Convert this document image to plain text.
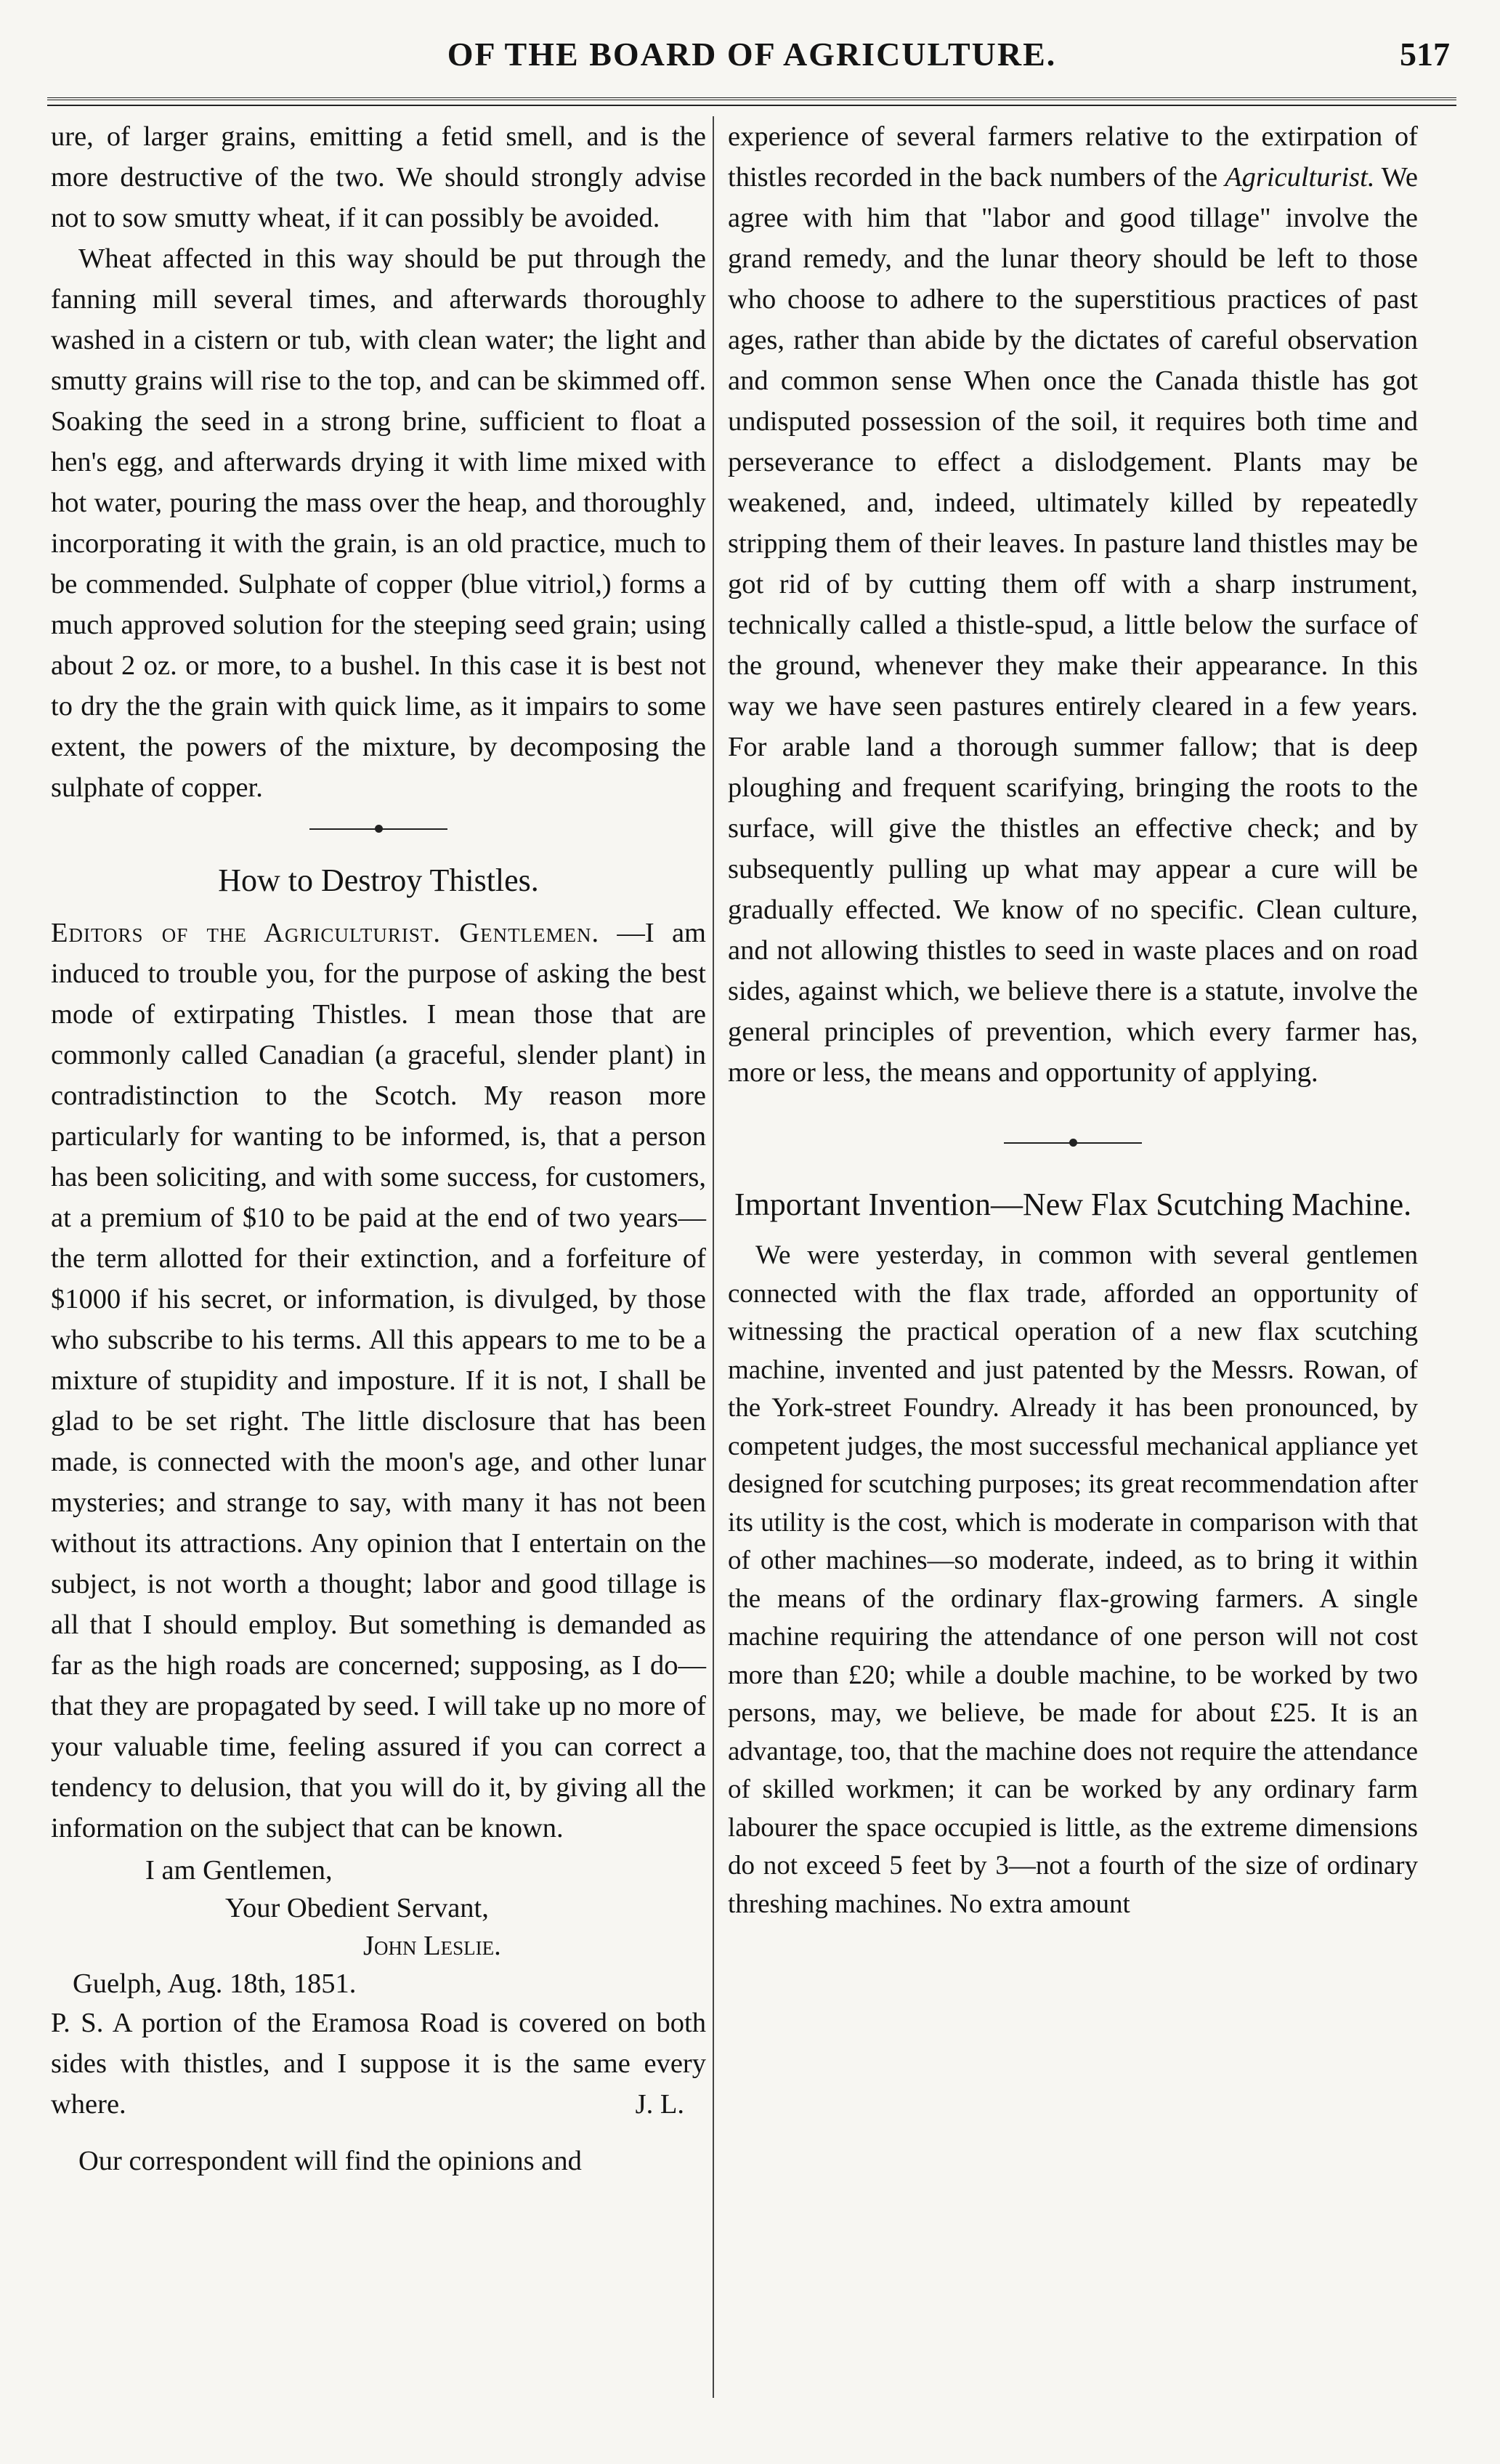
OF THE BOARD OF AGRICULTURE.	517

ure, of larger grains, emitting a fetid smell, and is the more destructive of the two. We should strongly advise not to sow smutty wheat, if it can possibly be avoided.

Wheat affected in this way should be put through the fanning mill several times, and afterwards thoroughly washed in a cistern or tub, with clean water; the light and smutty grains will rise to the top, and can be skimmed off. Soaking the seed in a strong brine, sufficient to float a hen's egg, and afterwards drying it with lime mixed with hot water, pouring the mass over the heap, and thoroughly incorporating it with the grain, is an old practice, much to be commended. Sulphate of copper (blue vitriol,) forms a much approved solution for the steeping seed grain; using about 2 oz. or more, to a bushel. In this case it is best not to dry the the grain with quick lime, as it impairs to some extent, the powers of the mixture, by decomposing the sulphate of copper.

How to Destroy Thistles.

Editors of the Agriculturist. Gentlemen. —I am induced to trouble you, for the purpose of asking the best mode of extirpating Thistles. I mean those that are commonly called Canadian (a graceful, slender plant) in contradistinction to the Scotch. My reason more particularly for wanting to be informed, is, that a person has been soliciting, and with some success, for customers, at a premium of $10 to be paid at the end of two years—the term allotted for their extinction, and a forfeiture of $1000 if his secret, or information, is divulged, by those who subscribe to his terms. All this appears to me to be a mixture of stupidity and imposture. If it is not, I shall be glad to be set right. The little disclosure that has been made, is connected with the moon's age, and other lunar mysteries; and strange to say, with many it has not been without its attractions. Any opinion that I entertain on the subject, is not worth a thought; labor and good tillage is all that I should employ. But something is demanded as far as the high roads are concerned; supposing, as I do—that they are propagated by seed. I will take up no more of your valuable time, feeling assured if you can correct a tendency to delusion, that you will do it, by giving all the information on the subject that can be known.

I am Gentlemen,
Your Obedient Servant,
John Leslie.
Guelph, Aug. 18th, 1851.

P. S. A portion of the Eramosa Road is covered on both sides with thistles, and I suppose it is the same every where.	J. L.

Our correspondent will find the opinions and

experience of several farmers relative to the extirpation of thistles recorded in the back numbers of the Agriculturist. We agree with him that "labor and good tillage" involve the grand remedy, and the lunar theory should be left to those who choose to adhere to the superstitious practices of past ages, rather than abide by the dictates of careful observation and common sense When once the Canada thistle has got undisputed possession of the soil, it requires both time and perseverance to effect a dislodgement. Plants may be weakened, and, indeed, ultimately killed by repeatedly stripping them of their leaves. In pasture land thistles may be got rid of by cutting them off with a sharp instrument, technically called a thistle-spud, a little below the surface of the ground, whenever they make their appearance. In this way we have seen pastures entirely cleared in a few years. For arable land a thorough summer fallow; that is deep ploughing and frequent scarifying, bringing the roots to the surface, will give the thistles an effective check; and by subsequently pulling up what may appear a cure will be gradually effected. We know of no specific. Clean culture, and not allowing thistles to seed in waste places and on road sides, against which, we believe there is a statute, involve the general principles of prevention, which every farmer has, more or less, the means and opportunity of applying.

Important Invention—New Flax Scutching Machine.

We were yesterday, in common with several gentlemen connected with the flax trade, afforded an opportunity of witnessing the practical operation of a new flax scutching machine, invented and just patented by the Messrs. Rowan, of the York-street Foundry. Already it has been pronounced, by competent judges, the most successful mechanical appliance yet designed for scutching purposes; its great recommendation after its utility is the cost, which is moderate in comparison with that of other machines—so moderate, indeed, as to bring it within the means of the ordinary flax-growing farmers. A single machine requiring the attendance of one person will not cost more than £20; while a double machine, to be worked by two persons, may, we believe, be made for about £25. It is an advantage, too, that the machine does not require the attendance of skilled workmen; it can be worked by any ordinary farm labourer the space occupied is little, as the extreme dimensions do not exceed 5 feet by 3—not a fourth of the size of ordinary threshing machines. No extra amount
